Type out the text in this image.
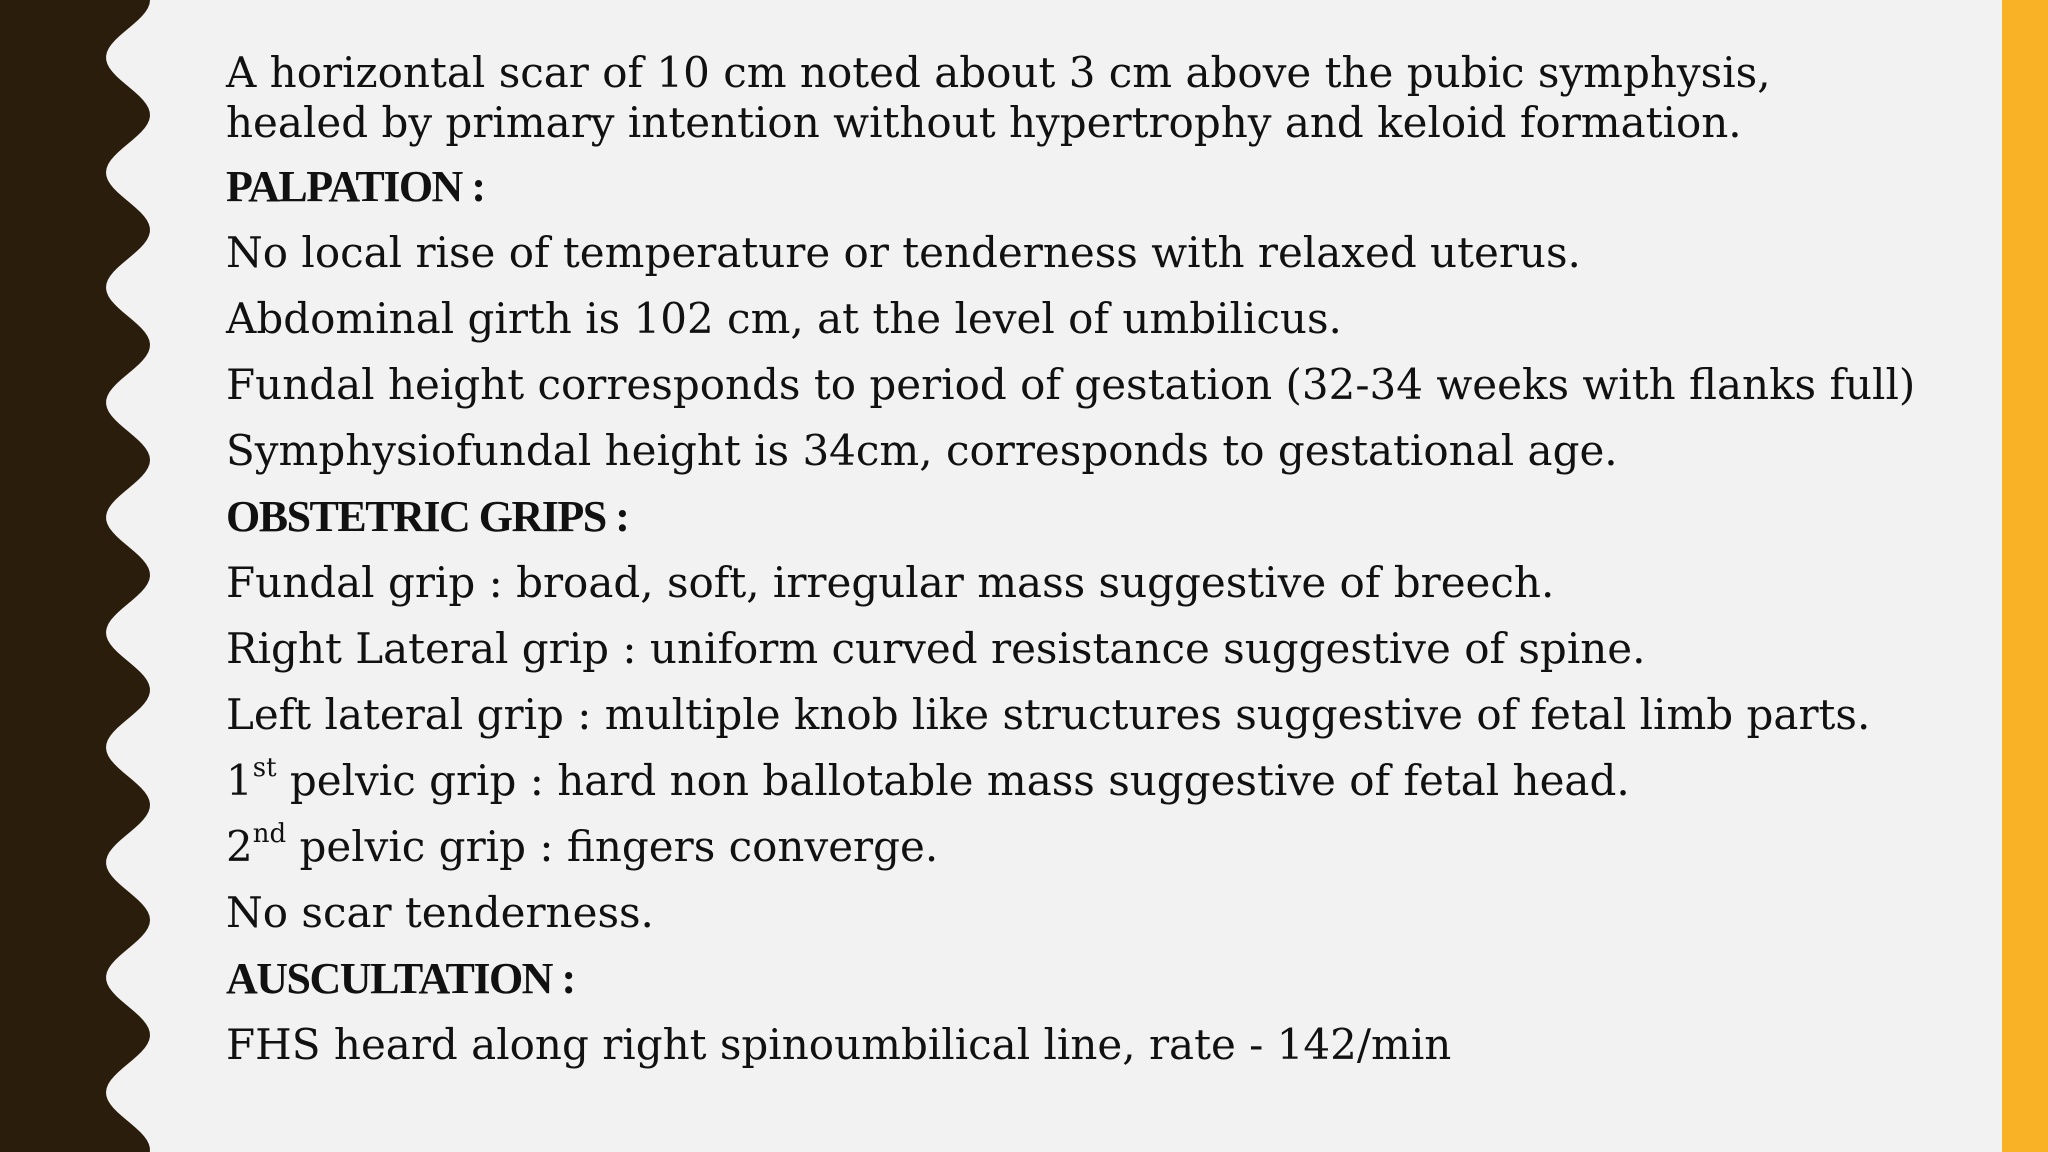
A horizontal scar of 10 cm noted about 3 cm above the pubic symphysis, healed by primary intention without hypertrophy and keloid formation.

PALPATION :

No local rise of temperature or tenderness with relaxed uterus.

Abdominal girth is 102 cm, at the level of umbilicus.

Fundal height corresponds to period of gestation (32-34 weeks with flanks full)

Symphysiofundal height is 34cm, corresponds to gestational age.

OBSTETRIC GRIPS :

Fundal grip : broad, soft, irregular mass suggestive of breech.

Right Lateral grip : uniform curved resistance suggestive of spine.

Left lateral grip : multiple knob like structures suggestive of fetal limb parts.

1st pelvic grip : hard non ballotable mass suggestive of fetal head.

2nd pelvic grip : fingers converge.

No scar tenderness.

AUSCULTATION :

FHS heard along right spinoumbilical line, rate - 142/min
